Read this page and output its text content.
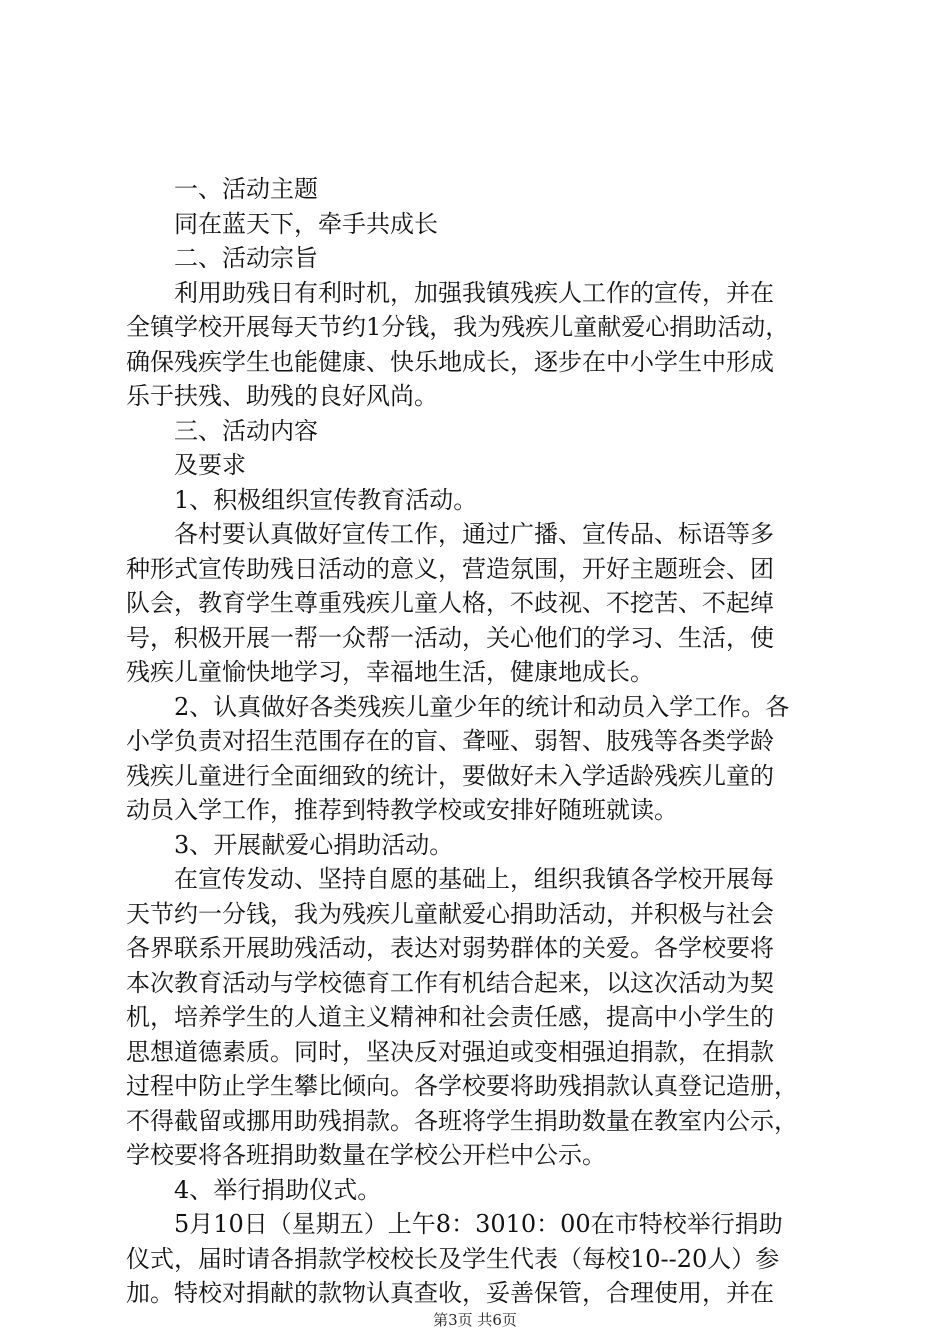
　　一、活动主题
　　同在蓝天下，牵手共成长
　　二、活动宗旨
　　利用助残日有利时机，加强我镇残疾人工作的宣传，并在
全镇学校开展每天节约1分钱，我为残疾儿童献爱心捐助活动，
确保残疾学生也能健康、快乐地成长，逐步在中小学生中形成
乐于扶残、助残的良好风尚。
　　三、活动内容
　　及要求
　　1、积极组织宣传教育活动。
　　各村要认真做好宣传工作，通过广播、宣传品、标语等多
种形式宣传助残日活动的意义，营造氛围，开好主题班会、团
队会，教育学生尊重残疾儿童人格，不歧视、不挖苦、不起绰
号，积极开展一帮一众帮一活动，关心他们的学习、生活，使
残疾儿童愉快地学习，幸福地生活，健康地成长。
　　2、认真做好各类残疾儿童少年的统计和动员入学工作。各
小学负责对招生范围存在的盲、聋哑、弱智、肢残等各类学龄
残疾儿童进行全面细致的统计，要做好未入学适龄残疾儿童的
动员入学工作，推荐到特教学校或安排好随班就读。
　　3、开展献爱心捐助活动。
　　在宣传发动、坚持自愿的基础上，组织我镇各学校开展每
天节约一分钱，我为残疾儿童献爱心捐助活动，并积极与社会
各界联系开展助残活动，表达对弱势群体的关爱。各学校要将
本次教育活动与学校德育工作有机结合起来，以这次活动为契
机，培养学生的人道主义精神和社会责任感，提高中小学生的
思想道德素质。同时，坚决反对强迫或变相强迫捐款，在捐款
过程中防止学生攀比倾向。各学校要将助残捐款认真登记造册，
不得截留或挪用助残捐款。各班将学生捐助数量在教室内公示，
学校要将各班捐助数量在学校公开栏中公示。
　　4、举行捐助仪式。
　　5月10日（星期五）上午8：3010：00在市特校举行捐助
仪式，届时请各捐款学校校长及学生代表（每校10--20人）参
加。特校对捐献的款物认真查收，妥善保管，合理使用，并在
第3页 共6页
